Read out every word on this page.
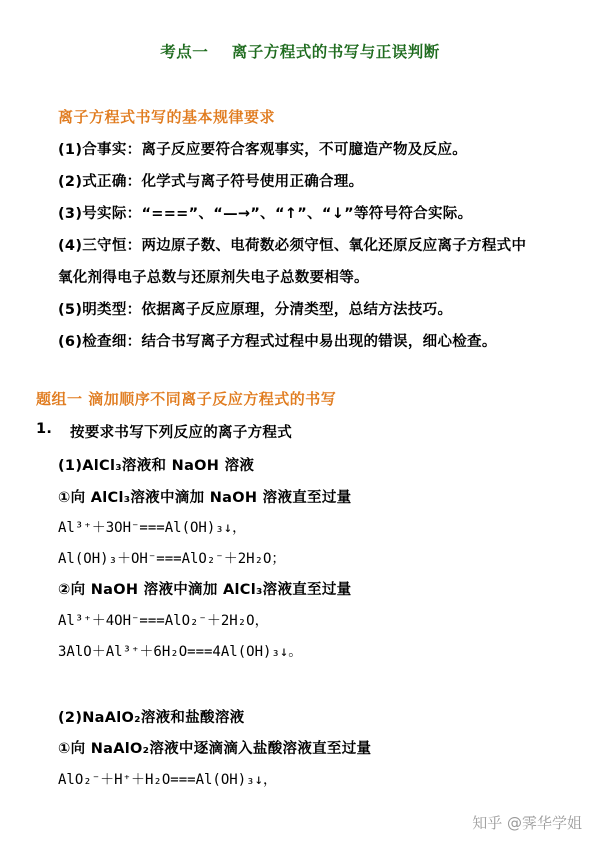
考点一    离子方程式的书写与正误判断
离子方程式书写的基本规律要求
(1)合事实：离子反应要符合客观事实，不可臆造产物及反应。
(2)式正确：化学式与离子符号使用正确合理。
(3)号实际：“===”、“—→”、“↑”、“↓”等符号符合实际。
(4)三守恒：两边原子数、电荷数必须守恒、氧化还原反应离子方程式中
氧化剂得电子总数与还原剂失电子总数要相等。
(5)明类型：依据离子反应原理，分清类型，总结方法技巧。
(6)检查细：结合书写离子方程式过程中易出现的错误，细心检查。
题组一 滴加顺序不同离子反应方程式的书写
1. 按要求书写下列反应的离子方程式
(1)AlCl₃溶液和 NaOH 溶液
①向 AlCl₃溶液中滴加 NaOH 溶液直至过量
Al³⁺＋3OH⁻===Al(OH)₃↓，
Al(OH)₃＋OH⁻===AlO₂⁻＋2H₂O；
②向 NaOH 溶液中滴加 AlCl₃溶液直至过量
Al³⁺＋4OH⁻===AlO₂⁻＋2H₂O，
3AlO＋Al³⁺＋6H₂O===4Al(OH)₃↓。
(2)NaAlO₂溶液和盐酸溶液
①向 NaAlO₂溶液中逐滴滴入盐酸溶液直至过量
AlO₂⁻＋H⁺＋H₂O===Al(OH)₃↓，
知乎 @霁华学姐
